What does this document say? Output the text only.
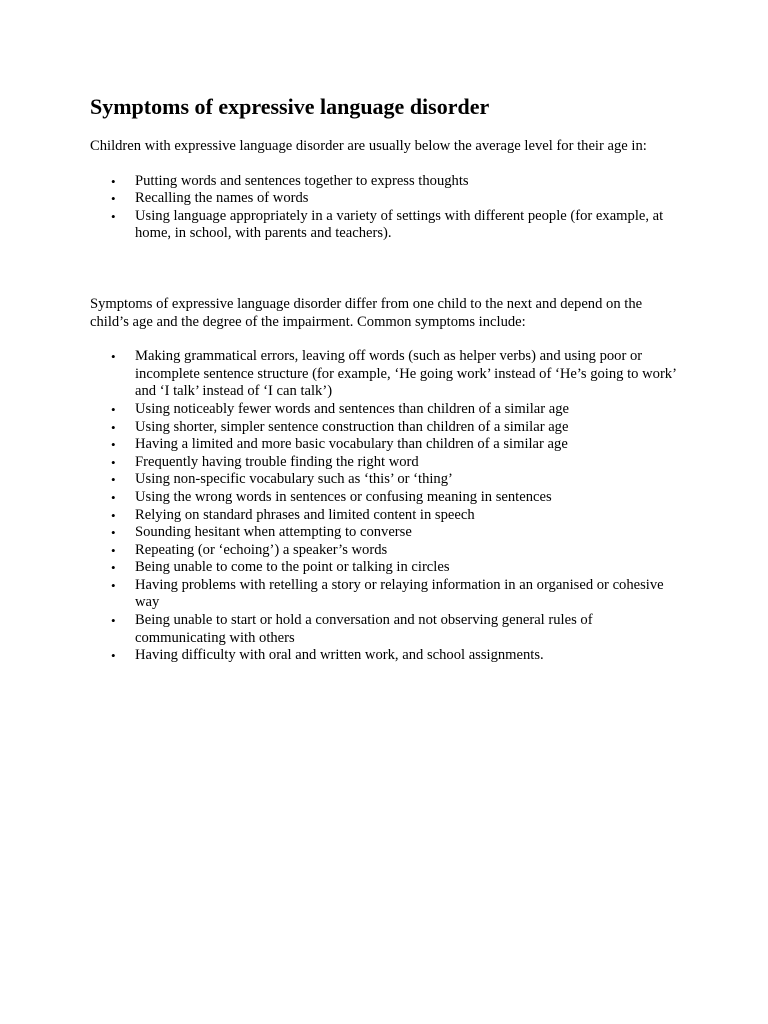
Symptoms of expressive language disorder

Children with expressive language disorder are usually below the average level for their age in:

• Putting words and sentences together to express thoughts
• Recalling the names of words
• Using language appropriately in a variety of settings with different people (for example, at home, in school, with parents and teachers).

Symptoms of expressive language disorder differ from one child to the next and depend on the child’s age and the degree of the impairment. Common symptoms include:

• Making grammatical errors, leaving off words (such as helper verbs) and using poor or incomplete sentence structure (for example, ‘He going work’ instead of ‘He’s going to work’ and ‘I talk’ instead of ‘I can talk’)
• Using noticeably fewer words and sentences than children of a similar age
• Using shorter, simpler sentence construction than children of a similar age
• Having a limited and more basic vocabulary than children of a similar age
• Frequently having trouble finding the right word
• Using non-specific vocabulary such as ‘this’ or ‘thing’
• Using the wrong words in sentences or confusing meaning in sentences
• Relying on standard phrases and limited content in speech
• Sounding hesitant when attempting to converse
• Repeating (or ‘echoing’) a speaker’s words
• Being unable to come to the point or talking in circles
• Having problems with retelling a story or relaying information in an organised or cohesive way
• Being unable to start or hold a conversation and not observing general rules of communicating with others
• Having difficulty with oral and written work, and school assignments.
